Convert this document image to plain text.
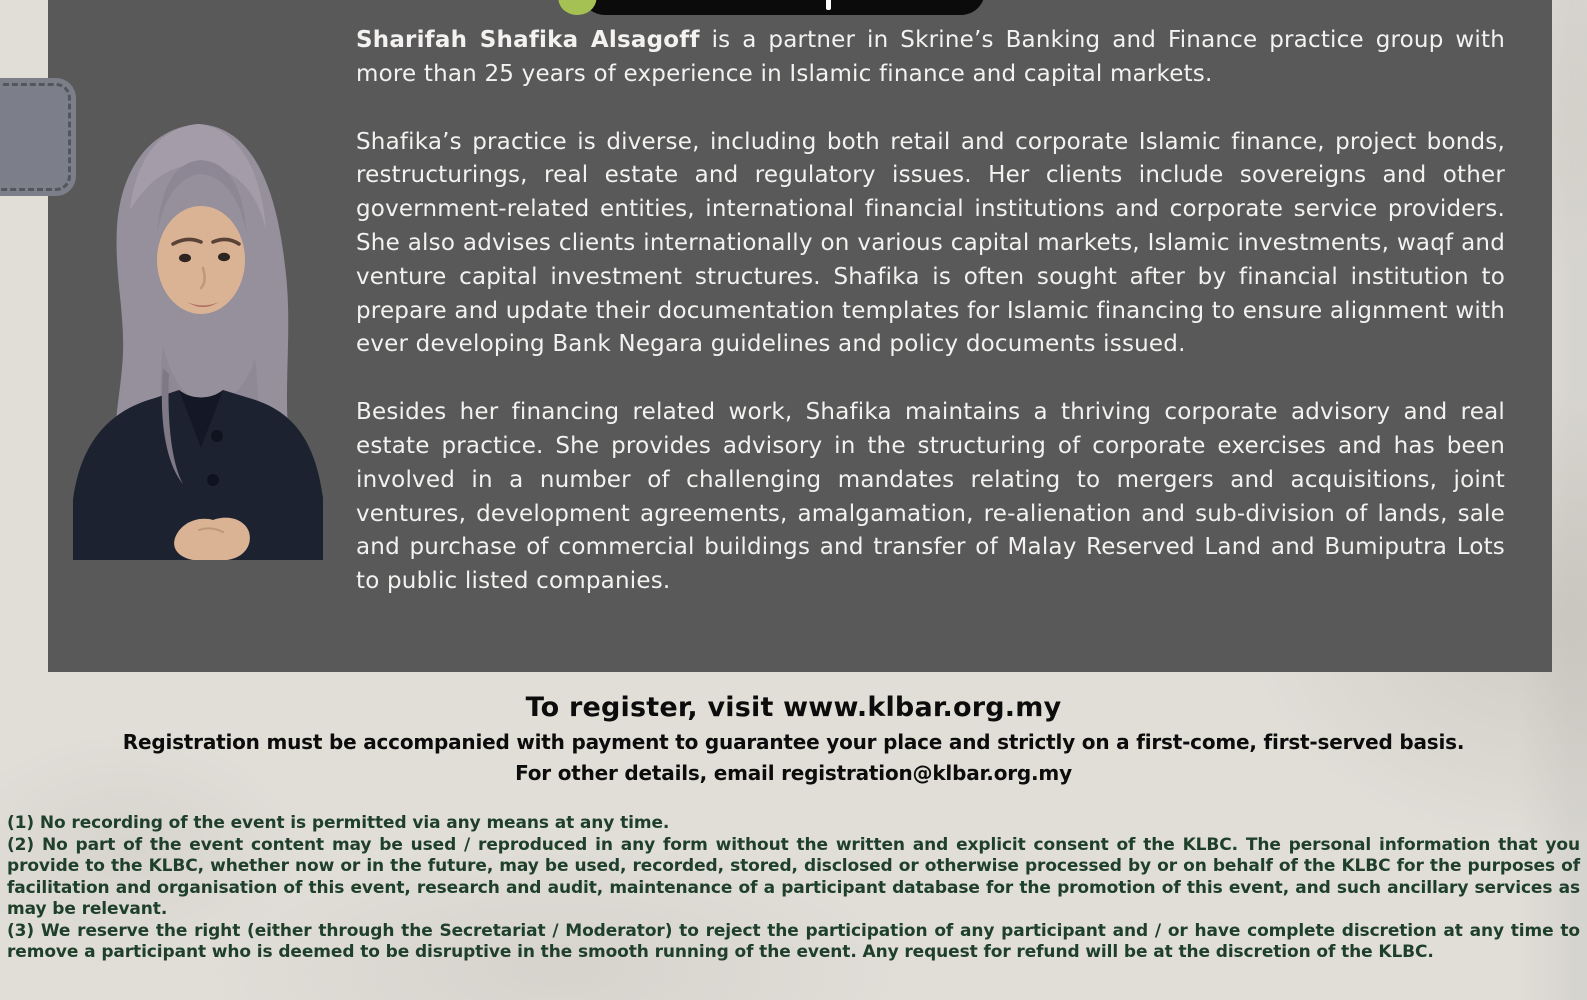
Sharifah Shafika Alsagoff is a partner in Skrine’s Banking and Finance practice group with more than 25 years of experience in Islamic finance and capital markets.

Shafika’s practice is diverse, including both retail and corporate Islamic finance, project bonds, restructurings, real estate and regulatory issues. Her clients include sovereigns and other government-related entities, international financial institutions and corporate service providers. She also advises clients internationally on various capital markets, Islamic investments, waqf and venture capital investment structures. Shafika is often sought after by financial institution to prepare and update their documentation templates for Islamic financing to ensure alignment with ever developing Bank Negara guidelines and policy documents issued.

Besides her financing related work, Shafika maintains a thriving corporate advisory and real estate practice. She provides advisory in the structuring of corporate exercises and has been involved in a number of challenging mandates relating to mergers and acquisitions, joint ventures, development agreements, amalgamation, re-alienation and sub-division of lands, sale and purchase of commercial buildings and transfer of Malay Reserved Land and Bumiputra Lots to public listed companies.

To register, visit www.klbar.org.my
Registration must be accompanied with payment to guarantee your place and strictly on a first-come, first-served basis.
For other details, email registration@klbar.org.my

(1) No recording of the event is permitted via any means at any time.

(2) No part of the event content may be used / reproduced in any form without the written and explicit consent of the KLBC. The personal information that you provide to the KLBC, whether now or in the future, may be used, recorded, stored, disclosed or otherwise processed by or on behalf of the KLBC for the purposes of facilitation and organisation of this event, research and audit, maintenance of a participant database for the promotion of this event, and such ancillary services as may be relevant.

(3) We reserve the right (either through the Secretariat / Moderator) to reject the participation of any participant and / or have complete discretion at any time to remove a participant who is deemed to be disruptive in the smooth running of the event. Any request for refund will be at the discretion of the KLBC.
